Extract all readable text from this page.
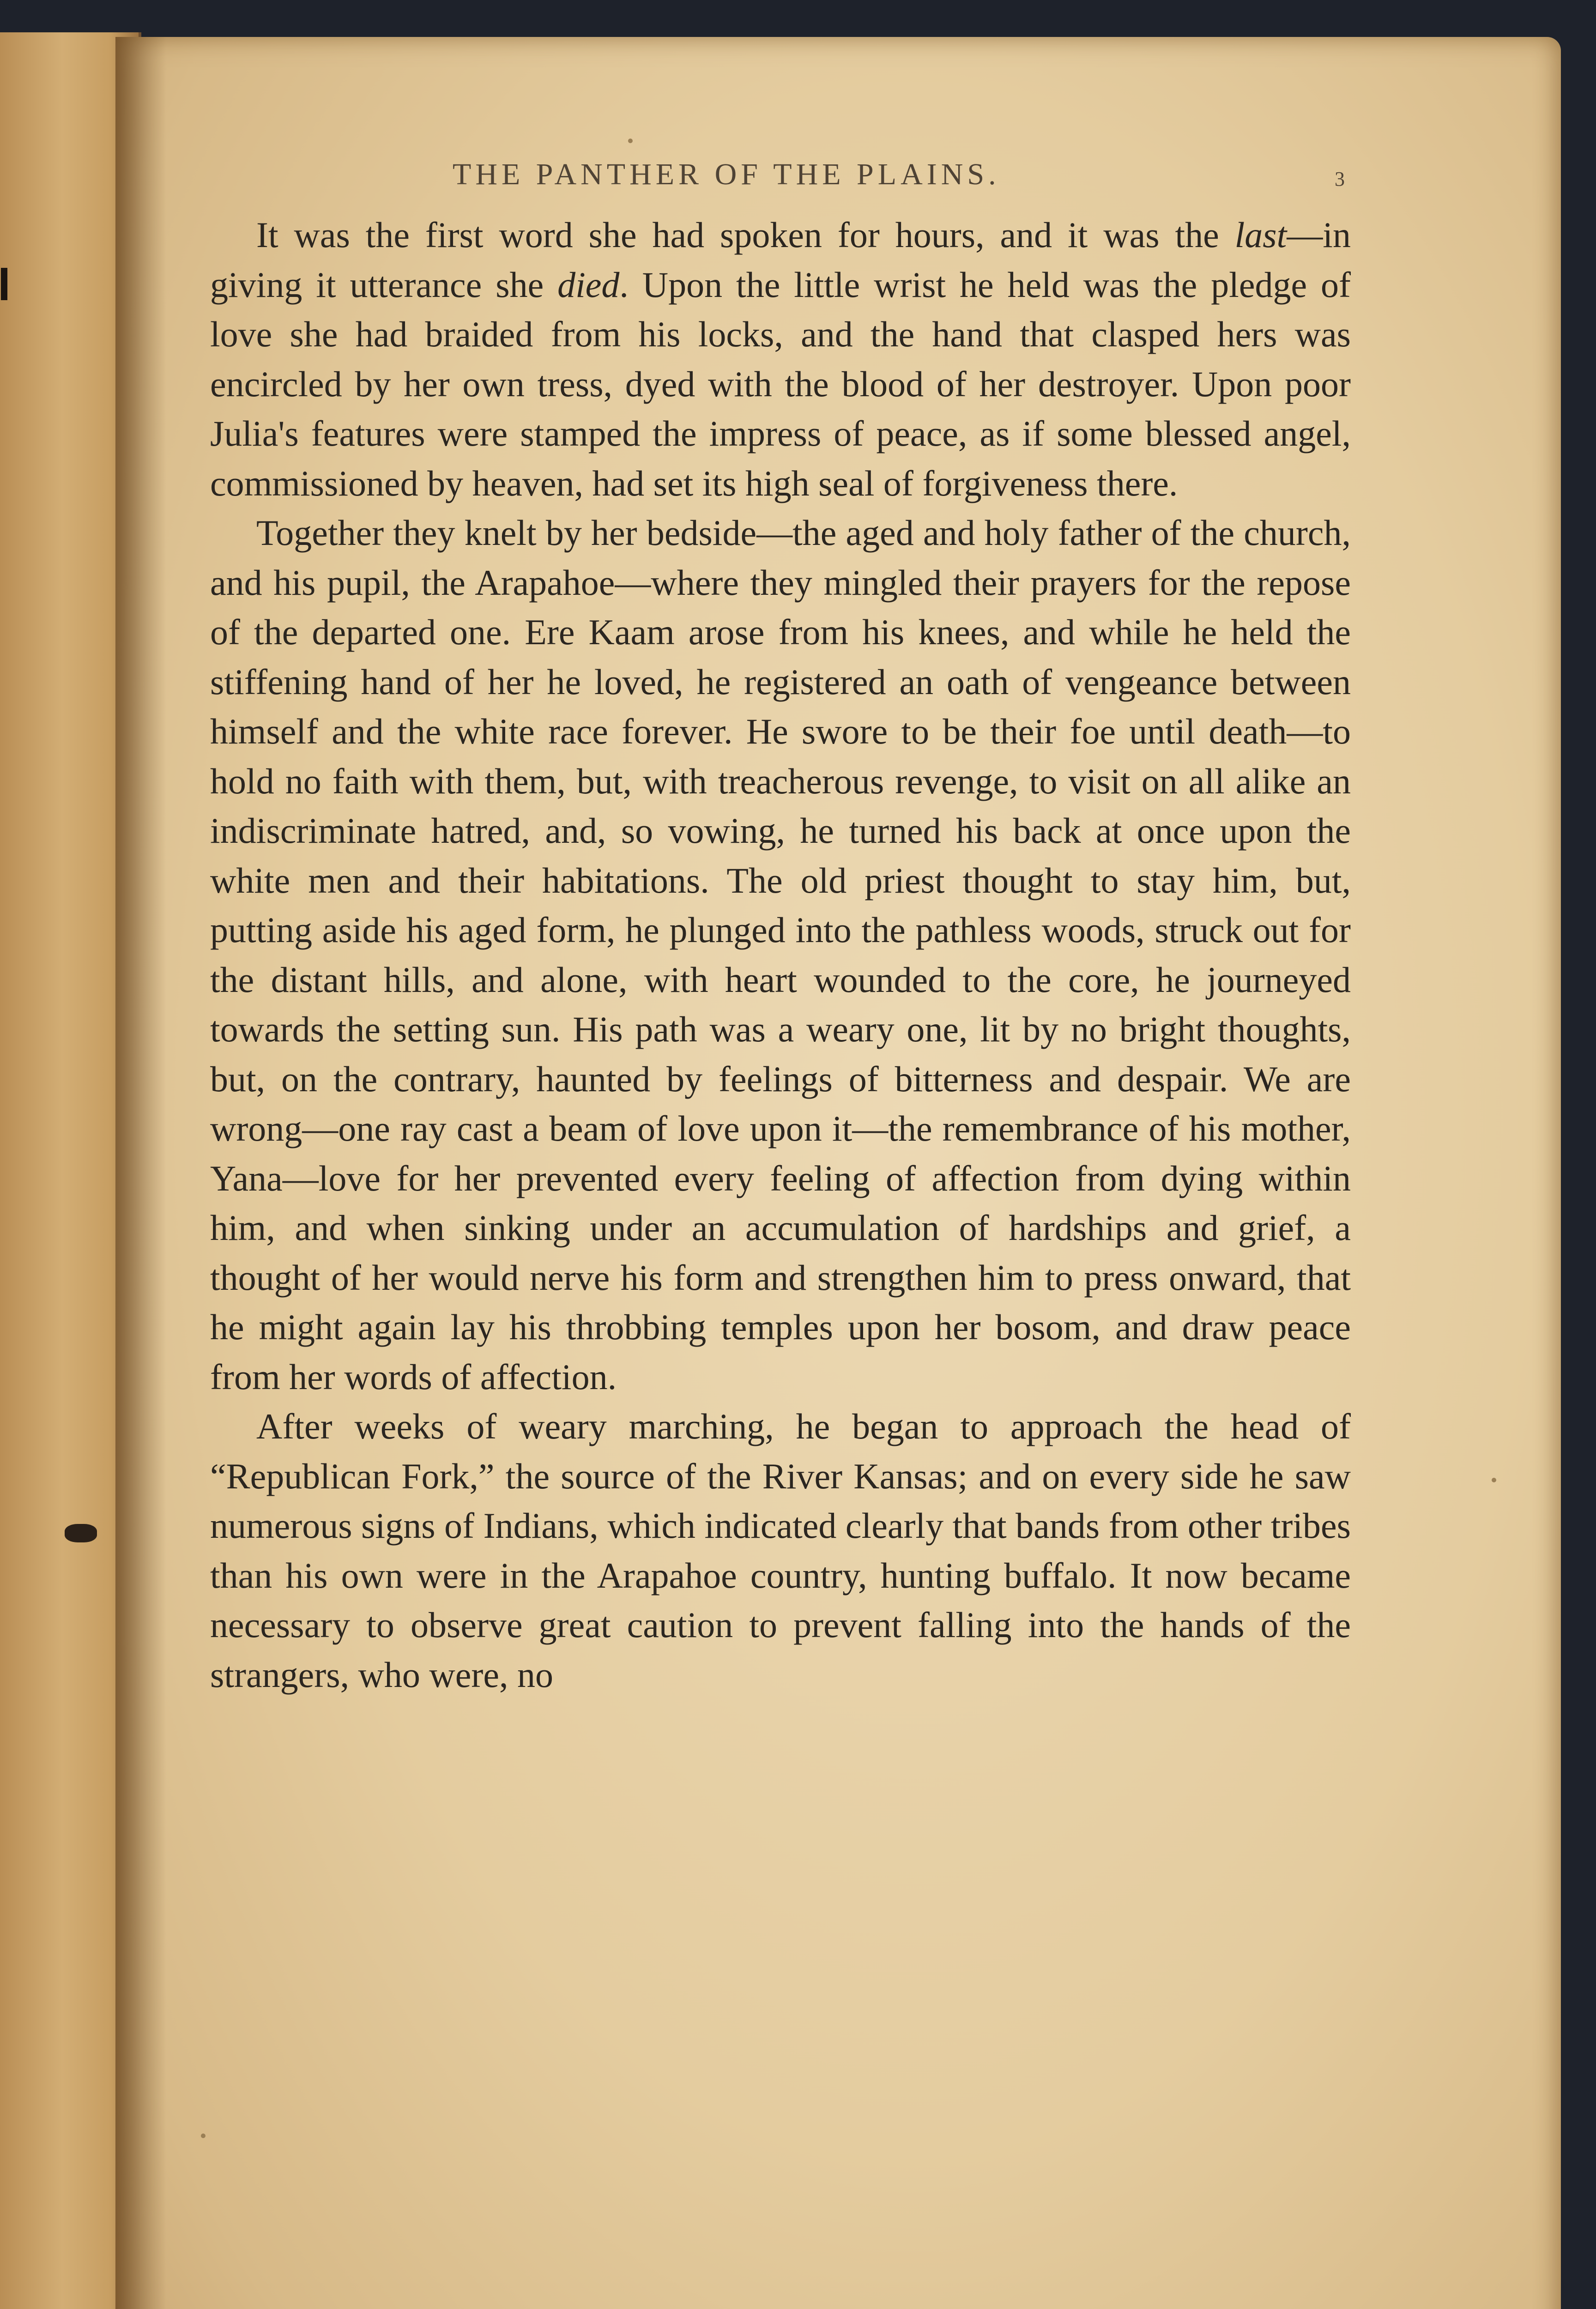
THE PANTHER OF THE PLAINS.	3

It was the first word she had spoken for hours, and it was the last—in giving it utterance she died. Upon the little wrist he held was the pledge of love she had braided from his locks, and the hand that clasped hers was encircled by her own tress, dyed with the blood of her destroyer. Upon poor Julia's features were stamped the impress of peace, as if some blessed angel, commissioned by heaven, had set its high seal of forgiveness there.

Together they knelt by her bedside—the aged and holy father of the church, and his pupil, the Arapahoe—where they mingled their prayers for the repose of the departed one. Ere Kaam arose from his knees, and while he held the stiffening hand of her he loved, he registered an oath of vengeance between himself and the white race forever. He swore to be their foe until death—to hold no faith with them, but, with treacherous revenge, to visit on all alike an indiscriminate hatred, and, so vowing, he turned his back at once upon the white men and their habitations. The old priest thought to stay him, but, putting aside his aged form, he plunged into the pathless woods, struck out for the distant hills, and alone, with heart wounded to the core, he journeyed towards the setting sun. His path was a weary one, lit by no bright thoughts, but, on the contrary, haunted by feelings of bitterness and despair. We are wrong—one ray cast a beam of love upon it—the remembrance of his mother, Yana—love for her prevented every feeling of affection from dying within him, and when sinking under an accumulation of hardships and grief, a thought of her would nerve his form and strengthen him to press onward, that he might again lay his throbbing temples upon her bosom, and draw peace from her words of affection.

After weeks of weary marching, he began to approach the head of “Republican Fork,” the source of the River Kansas; and on every side he saw numerous signs of Indians, which indicated clearly that bands from other tribes than his own were in the Arapahoe country, hunting buffalo. It now became necessary to observe great caution to prevent falling into the hands of the strangers, who were, no
